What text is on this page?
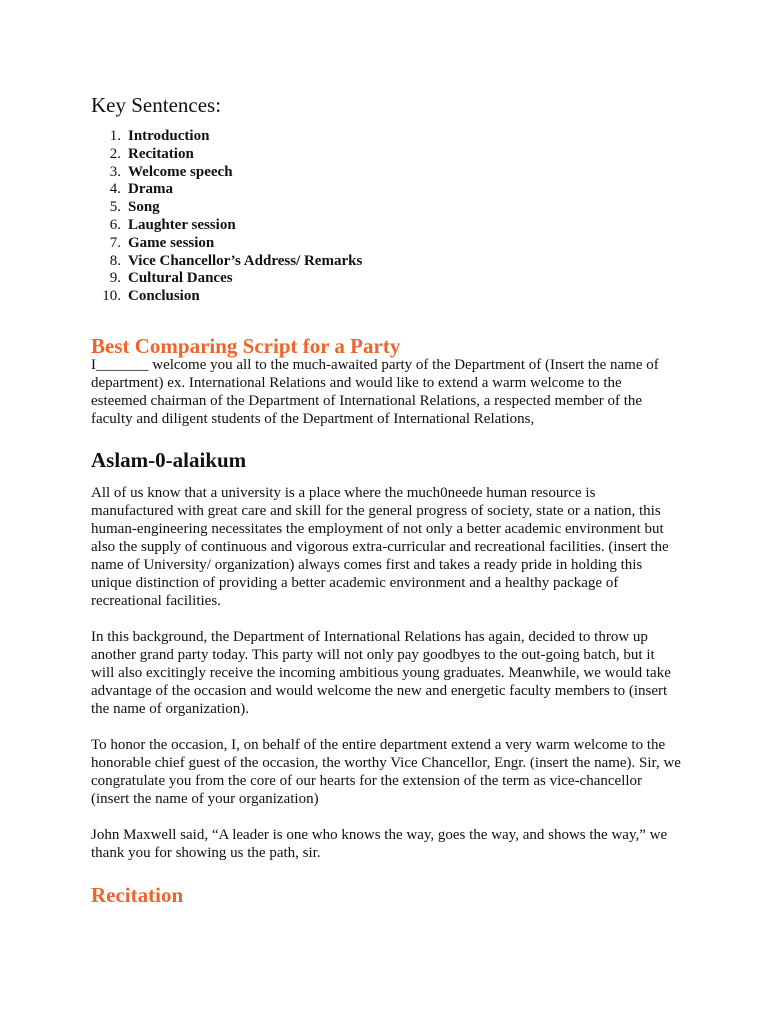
Key Sentences:
1. Introduction
2. Recitation
3. Welcome speech
4. Drama
5. Song
6. Laughter session
7. Game session
8. Vice Chancellor’s Address/ Remarks
9. Cultural Dances
10. Conclusion
Best Comparing Script for a Party

I_______ welcome you all to the much-awaited party of the Department of (Insert the name of department) ex. International Relations and would like to extend a warm welcome to the esteemed chairman of the Department of International Relations, a respected member of the faculty and diligent students of the Department of International Relations,

Aslam-0-alaikum

All of us know that a university is a place where the much0neede human resource is manufactured with great care and skill for the general progress of society, state or a nation, this human-engineering necessitates the employment of not only a better academic environment but also the supply of continuous and vigorous extra-curricular and recreational facilities. (insert the name of University/ organization) always comes first and takes a ready pride in holding this unique distinction of providing a better academic environment and a healthy package of recreational facilities.

In this background, the Department of International Relations has again, decided to throw up another grand party today. This party will not only pay goodbyes to the out-going batch, but it will also excitingly receive the incoming ambitious young graduates. Meanwhile, we would take advantage of the occasion and would welcome the new and energetic faculty members to (insert the name of organization).

To honor the occasion, I, on behalf of the entire department extend a very warm welcome to the honorable chief guest of the occasion, the worthy Vice Chancellor, Engr. (insert the name). Sir, we congratulate you from the core of our hearts for the extension of the term as vice-chancellor (insert the name of your organization)

John Maxwell said, “A leader is one who knows the way, goes the way, and shows the way,” we thank you for showing us the path, sir.

Recitation
